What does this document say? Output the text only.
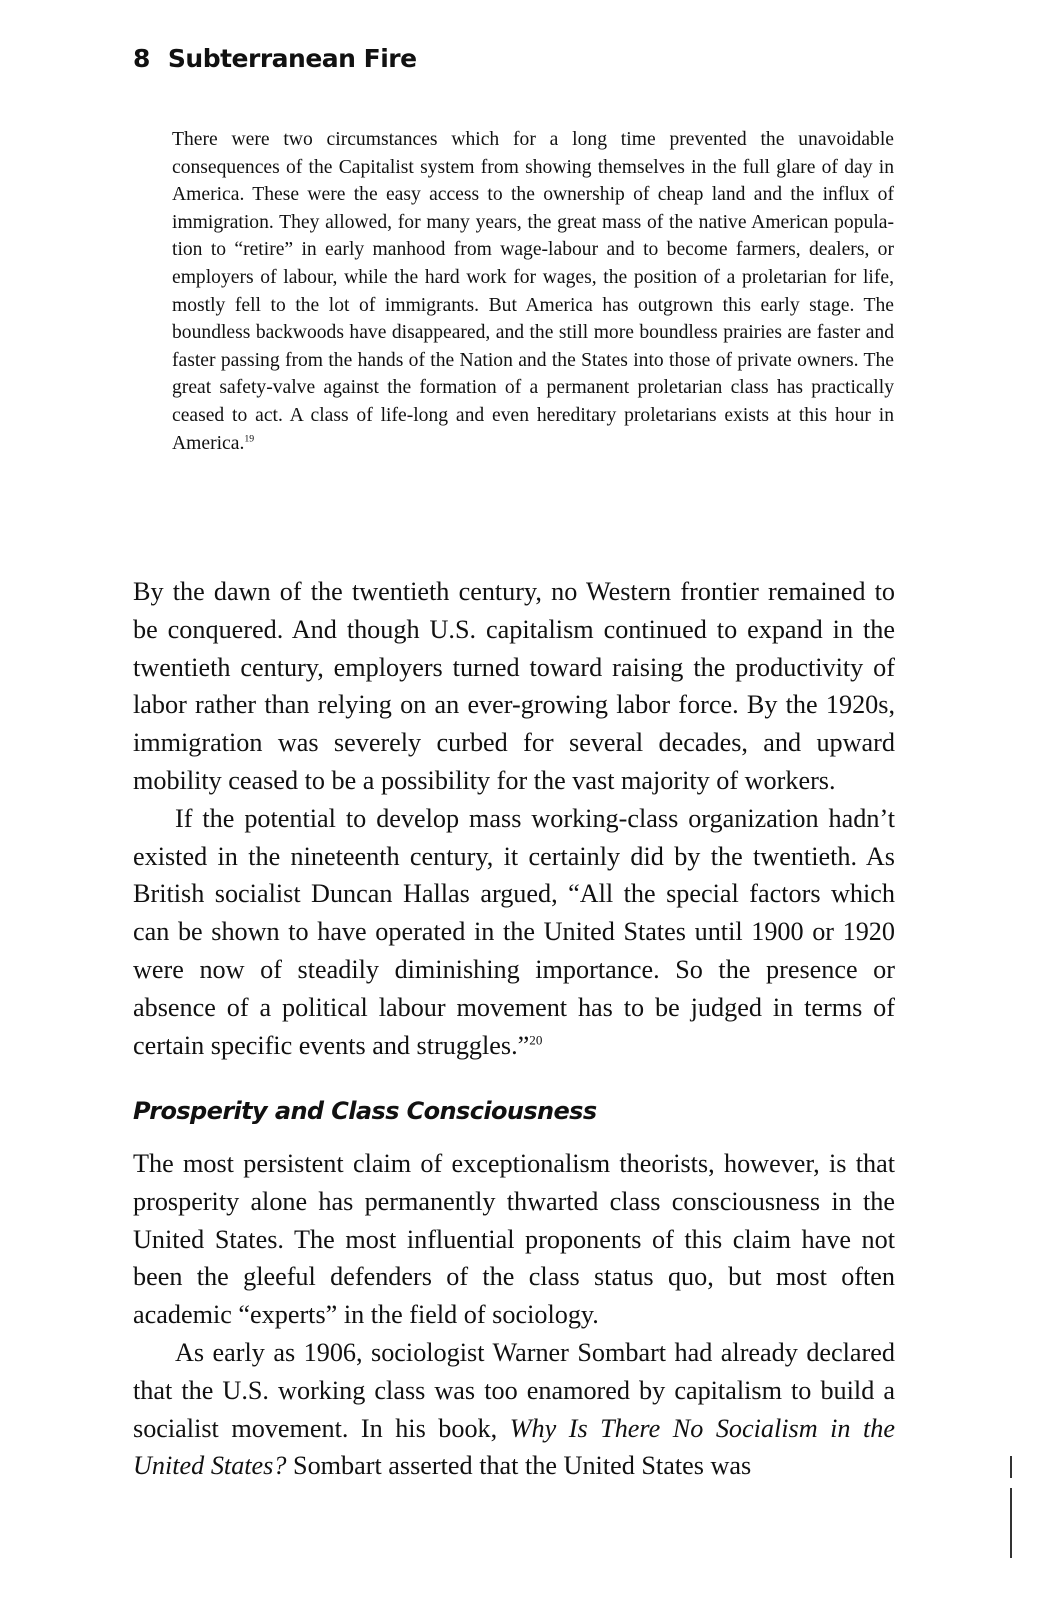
8 Subterranean Fire

There were two circumstances which for a long time prevented the unavoidable consequences of the Capitalist system from showing themselves in the full glare of day in America. These were the easy access to the ownership of cheap land and the influx of immigration. They allowed, for many years, the great mass of the native American population to “retire” in early manhood from wage-labour and to become farmers, dealers, or employers of labour, while the hard work for wages, the position of a proletarian for life, mostly fell to the lot of immigrants. But America has outgrown this early stage. The boundless backwoods have disappeared, and the still more boundless prairies are faster and faster passing from the hands of the Nation and the States into those of private owners. The great safety-valve against the formation of a permanent proletarian class has practically ceased to act. A class of life-long and even hereditary proletarians exists at this hour in America.$^{19}$

By the dawn of the twentieth century, no Western frontier remained to be conquered. And though U.S. capitalism continued to expand in the twentieth century, employers turned toward raising the productivity of labor rather than relying on an ever-growing labor force. By the 1920s, immigration was severely curbed for several decades, and upward mobility ceased to be a possibility for the vast majority of workers.

If the potential to develop mass working-class organization hadn’t existed in the nineteenth century, it certainly did by the twentieth. As British socialist Duncan Hallas argued, “All the special factors which can be shown to have operated in the United States until 1900 or 1920 were now of steadily diminishing importance. So the presence or absence of a political labour movement has to be judged in terms of certain specific events and struggles.”$^{20}$

Prosperity and Class Consciousness

The most persistent claim of exceptionalism theorists, however, is that prosperity alone has permanently thwarted class consciousness in the United States. The most influential proponents of this claim have not been the gleeful defenders of the class status quo, but most often academic “experts” in the field of sociology.

As early as 1906, sociologist Warner Sombart had already declared that the U.S. working class was too enamored by capitalism to build a socialist movement. In his book, Why Is There No Socialism in the United States? Sombart asserted that the United States was
